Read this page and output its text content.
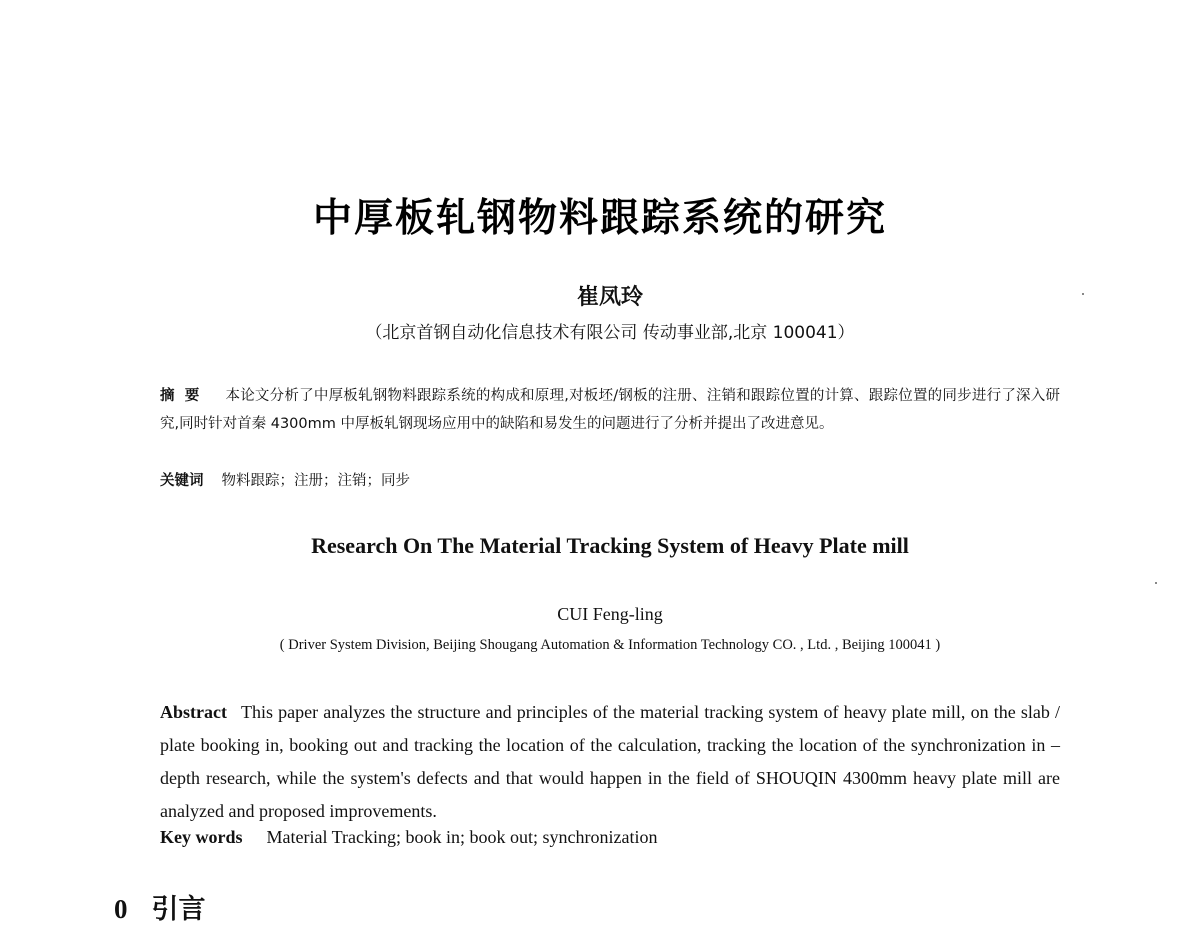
中厚板轧钢物料跟踪系统的研究
崔凤玲
（北京首钢自动化信息技术有限公司 传动事业部,北京 100041）
摘要 本论文分析了中厚板轧钢物料跟踪系统的构成和原理,对板坯/钢板的注册、注销和跟踪位置的计算、跟踪位置的同步进行了深入研究,同时针对首秦 4300mm 中厚板轧钢现场应用中的缺陷和易发生的问题进行了分析并提出了改进意见。
关键词 物料跟踪；注册；注销；同步
Research On The Material Tracking System of Heavy Plate mill
CUI Feng-ling
( Driver System Division, Beijing Shougang Automation & Information Technology CO. , Ltd. , Beijing 100041 )
Abstract This paper analyzes the structure and principles of the material tracking system of heavy plate mill, on the slab / plate booking in, booking out and tracking the location of the calculation, tracking the location of the synchronization in – depth research, while the system's defects and that would happen in the field of SHOUQIN 4300mm heavy plate mill are analyzed and proposed improvements.
Key words Material Tracking; book in; book out; synchronization
0 引言
